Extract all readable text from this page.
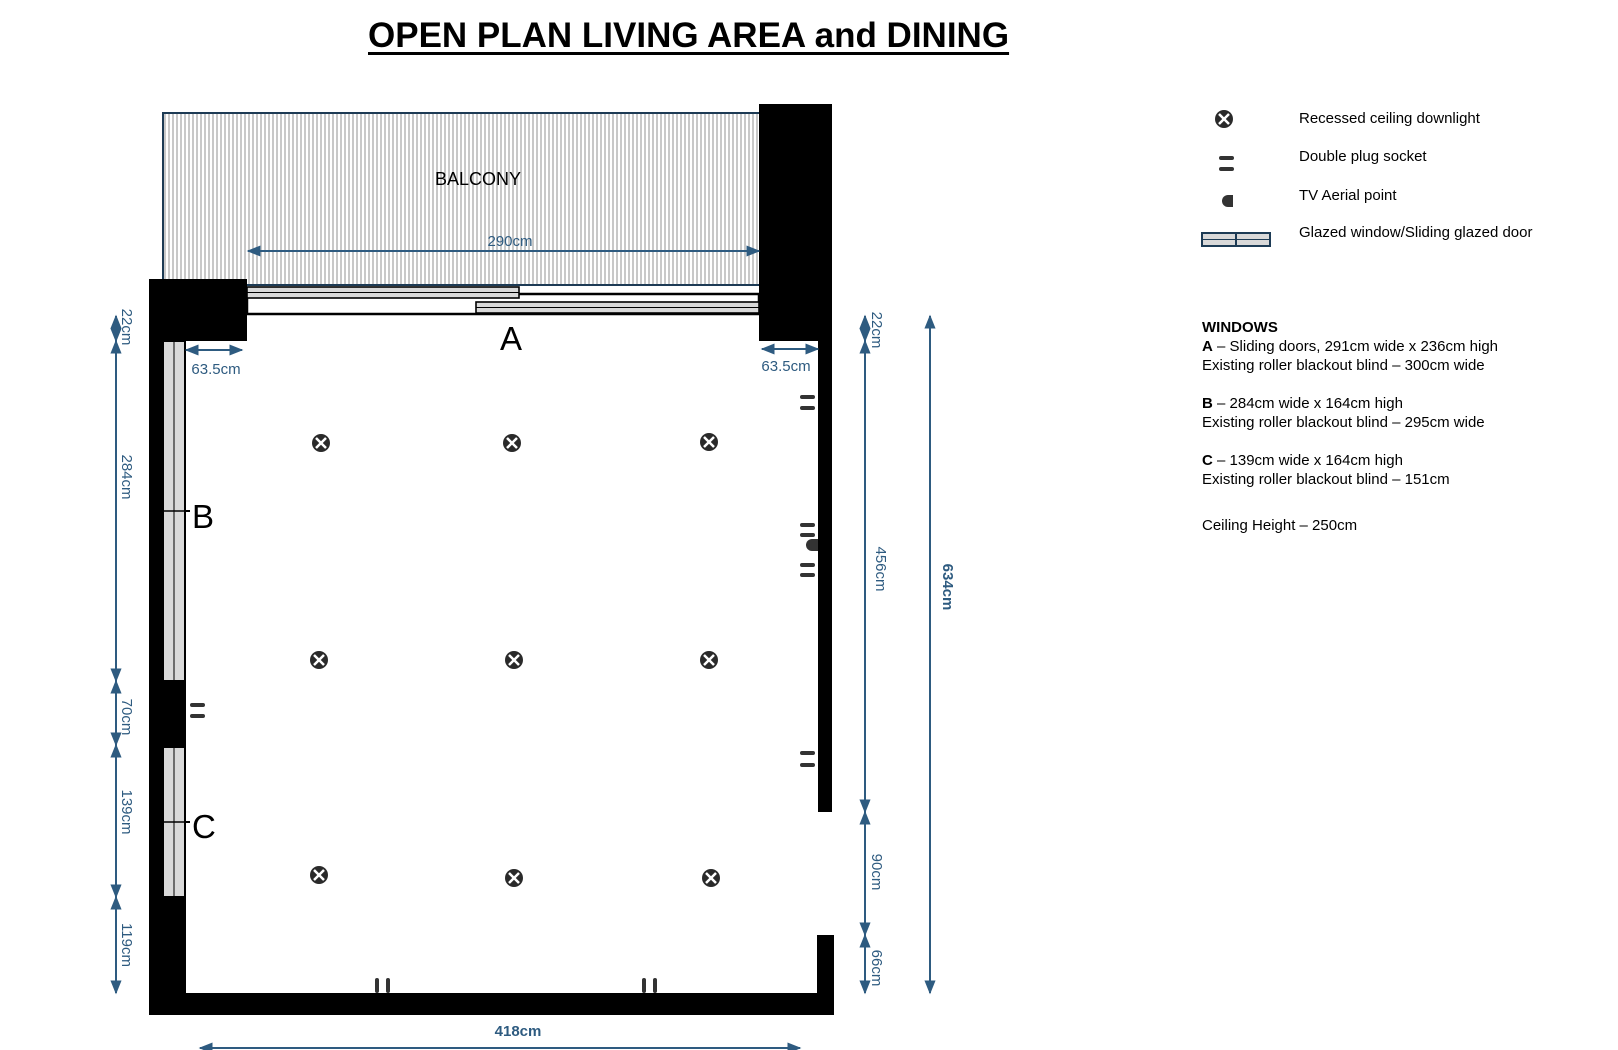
OPEN PLAN LIVING AREA and DINING
BALCONY
A
B
C
290cm
63.5cm	63.5cm
22cm
284cm
70cm
139cm
119cm
22cm
456cm
90cm
66cm
634cm
418cm
Recessed ceiling downlight
Double plug socket
TV Aerial point
Glazed window/Sliding glazed door

WINDOWS

A – Sliding doors, 291cm wide x 236cm high

Existing roller blackout blind – 300cm wide

B – 284cm wide x 164cm high

Existing roller blackout blind – 295cm wide

C – 139cm wide x 164cm high

Existing roller blackout blind – 151cm

Ceiling Height – 250cm
